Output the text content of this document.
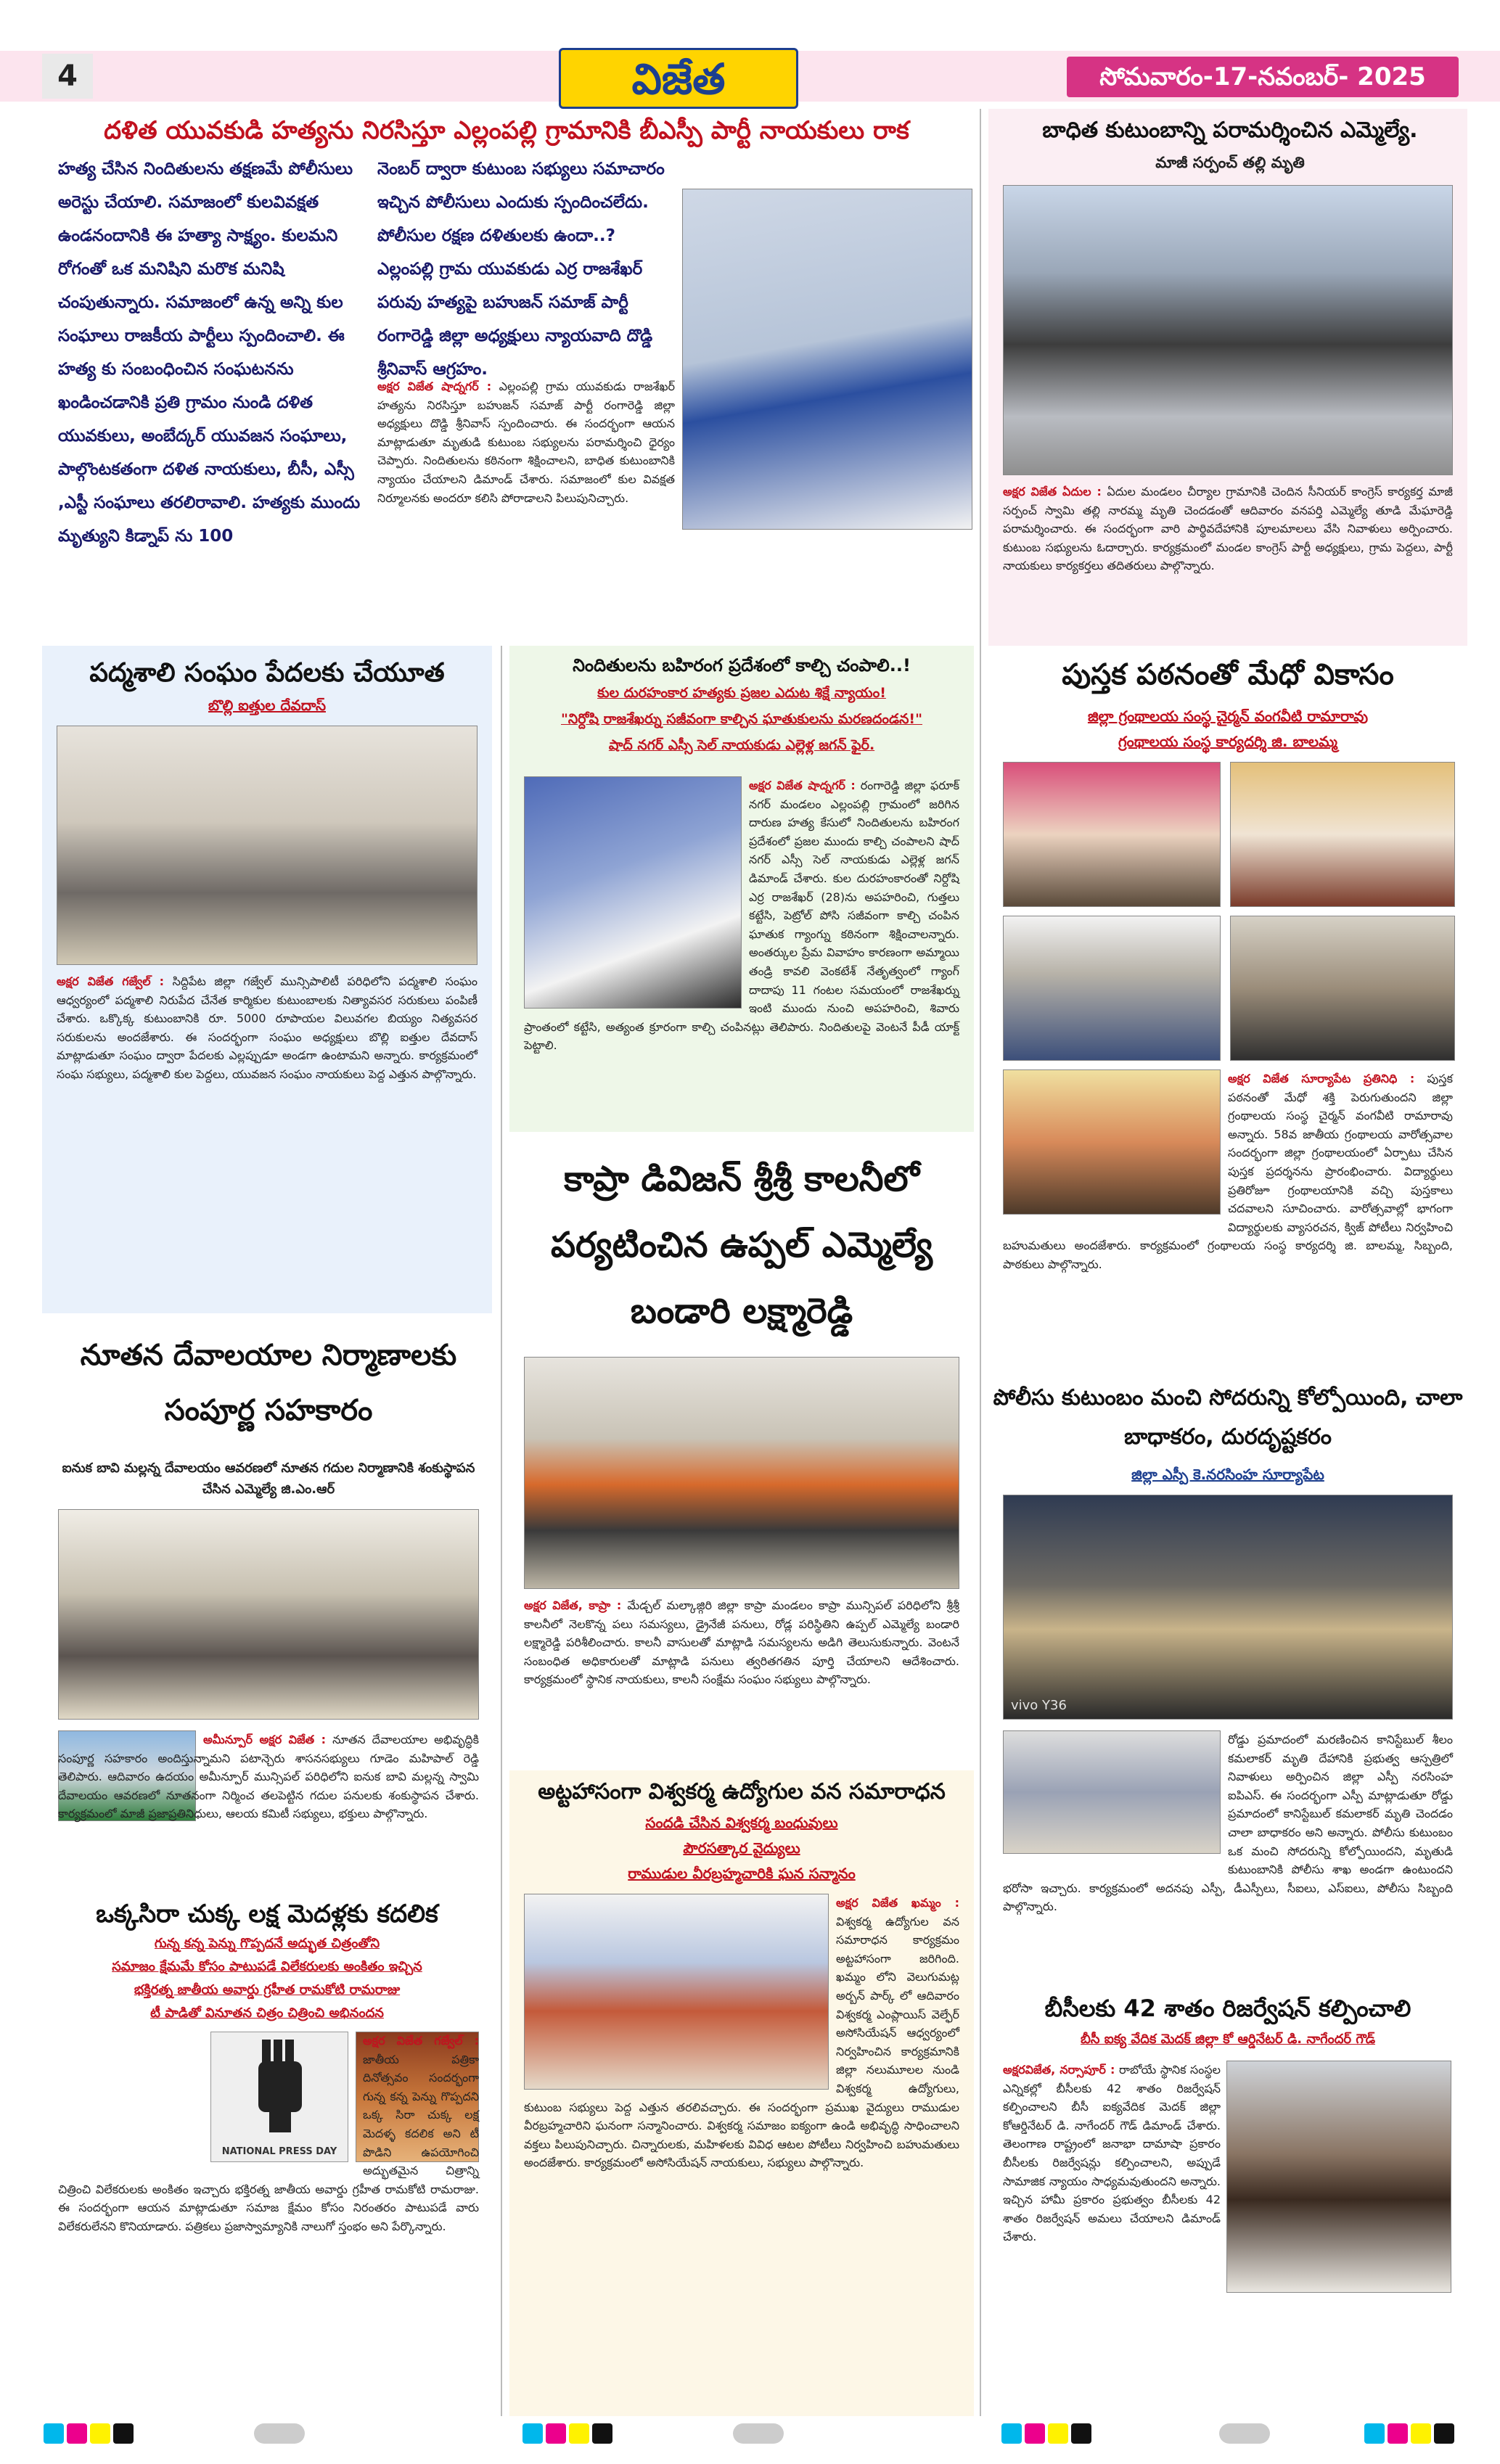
4	విజేత	సోమవారం-17-నవంబర్- 2025
దళిత యువకుడి హత్యను నిరసిస్తూ ఎల్లంపల్లి గ్రామానికి బీఎస్పీ పార్టీ నాయకులు రాక
హత్య చేసిన నిందితులను తక్షణమే పోలీసులు అరెస్టు చేయాలి. సమాజంలో కులవివక్షత ఉండనందానికి ఈ హత్యా సాక్ష్యం. కులమని రోగంతో ఒక మనిషిని మరొక మనిషి చంపుతున్నారు. సమాజంలో ఉన్న అన్ని కుల సంఘాలు రాజకీయ పార్టీలు స్పందించాలి. ఈ హత్య కు సంబంధించిన సంఘటనను ఖండించడానికి ప్రతి గ్రామం నుండి దళిత యువకులు, అంబేద్కర్ యువజన సంఘాలు, పాల్గొంటకతంగా దళిత నాయకులు, బీసీ, ఎస్సీ ,ఎస్టీ సంఘాలు తరలిరావాలి. హత్యకు ముందు మృత్యుని కిడ్నాప్ ను 100
నెంబర్ ద్వారా కుటుంబ సభ్యులు సమాచారం ఇచ్చిన పోలీసులు ఎందుకు స్పందించలేదు. పోలీసుల రక్షణ దళితులకు ఉందా..? ఎల్లంపల్లి గ్రామ యువకుడు ఎర్ర రాజశేఖర్ పరువు హత్యపై బహుజన్ సమాజ్ పార్టీ రంగారెడ్డి జిల్లా అధ్యక్షులు న్యాయవాది దొడ్డి శ్రీనివాస్ ఆగ్రహం.
అక్షర విజేత షాద్నగర్ : ఎల్లంపల్లి గ్రామ యువకుడు రాజశేఖర్ హత్యను నిరసిస్తూ బహుజన్ సమాజ్ పార్టీ రంగారెడ్డి జిల్లా అధ్యక్షులు దొడ్డి శ్రీనివాస్ స్పందించారు. ఈ సందర్భంగా ఆయన మాట్లాడుతూ మృతుడి కుటుంబ సభ్యులను పరామర్శించి ధైర్యం చెప్పారు. నిందితులను కఠినంగా శిక్షించాలని, బాధిత కుటుంబానికి న్యాయం చేయాలని డిమాండ్ చేశారు. సమాజంలో కుల వివక్షత నిర్మూలనకు అందరూ కలిసి పోరాడాలని పిలుపునిచ్చారు.
బాధిత కుటుంబాన్ని పరామర్శించిన ఎమ్మెల్యే.
మాజీ సర్పంచ్ తల్లి మృతి
అక్షర విజేత ఏదుల : ఏదుల మండలం చీర్యాల గ్రామానికి చెందిన సీనియర్ కాంగ్రెస్ కార్యకర్త మాజీ సర్పంచ్ స్వామి తల్లి నారమ్మ మృతి చెందడంతో ఆదివారం వనపర్తి ఎమ్మెల్యే తూడి మేఘారెడ్డి పరామర్శించారు. ఈ సందర్భంగా వారి పార్థివదేహానికి పూలమాలలు వేసి నివాళులు అర్పించారు. కుటుంబ సభ్యులను ఓదార్చారు. కార్యక్రమంలో మండల కాంగ్రెస్ పార్టీ అధ్యక్షులు, గ్రామ పెద్దలు, పార్టీ నాయకులు కార్యకర్తలు తదితరులు పాల్గొన్నారు.
పద్మశాలి సంఘం పేదలకు చేయూత
బొల్లి ఐత్తుల దేవదాస్
అక్షర విజేత గజ్వేల్ : సిద్దిపేట జిల్లా గజ్వేల్ మున్సిపాలిటీ పరిధిలోని పద్మశాలి సంఘం ఆధ్వర్యంలో పద్మశాలి నిరుపేద చేనేత కార్మికుల కుటుంబాలకు నిత్యావసర సరుకులు పంపిణీ చేశారు. ఒక్కొక్క కుటుంబానికి రూ. 5000 రూపాయల విలువగల బియ్యం నిత్యవసర సరుకులను అందజేశారు. ఈ సందర్భంగా సంఘం అధ్యక్షులు బొల్లి ఐత్తుల దేవదాస్ మాట్లాడుతూ సంఘం ద్వారా పేదలకు ఎల్లప్పుడూ అండగా ఉంటామని అన్నారు. కార్యక్రమంలో సంఘ సభ్యులు, పద్మశాలి కుల పెద్దలు, యువజన సంఘం నాయకులు పెద్ద ఎత్తున పాల్గొన్నారు.
నూతన దేవాలయాల నిర్మాణాలకు సంపూర్ణ సహకారం
ఐనుక బావి మల్లన్న దేవాలయం ఆవరణలో నూతన గదుల నిర్మాణానికి శంకుస్థాపన చేసిన ఎమ్మెల్యే జి.ఎం.ఆర్
అమీన్పూర్ అక్షర విజేత : నూతన దేవాలయాల అభివృద్ధికి సంపూర్ణ సహకారం అందిస్తున్నామని పటాన్చెరు శాసనసభ్యులు గూడెం మహిపాల్ రెడ్డి తెలిపారు. ఆదివారం ఉదయం అమీన్పూర్ మున్సిపల్ పరిధిలోని ఐనుక బావి మల్లన్న స్వామి దేవాలయం ఆవరణలో నూతనంగా నిర్మించ తలపెట్టిన గదుల పనులకు శంకుస్థాపన చేశారు. కార్యక్రమంలో మాజీ ప్రజాప్రతినిధులు, ఆలయ కమిటీ సభ్యులు, భక్తులు పాల్గొన్నారు.
ఒక్కసిరా చుక్క లక్ష మెదళ్లకు కదలిక
గున్న కన్న పెన్ను గొప్పదనే అద్భుత చిత్రంతోని
సమాజం క్షేమమే కోసం పాటుపడే విలేకరులకు అంకితం ఇచ్చిన
భక్తిరత్న జాతీయ అవార్డు గ్రహీత రామకోటి రామరాజు
టీ పాడితో వినూతన చిత్రం చిత్రించి అభినందన
NATIONAL PRESS DAY
అక్షర విజేత గజ్వేల్ : జాతీయ పత్రికా దినోత్సవం సందర్భంగా గున్న కన్న పెన్ను గొప్పదని ఒక్క సిరా చుక్క లక్ష మెదళ్ళ కదలిక అని టీ పొడిని ఉపయోగించి అద్భుతమైన చిత్రాన్ని చిత్రించి విలేకరులకు అంకితం ఇచ్చారు భక్తిరత్న జాతీయ అవార్డు గ్రహీత రామకోటి రామరాజు. ఈ సందర్భంగా ఆయన మాట్లాడుతూ సమాజ క్షేమం కోసం నిరంతరం పాటుపడే వారు విలేకరులేనని కొనియాడారు. పత్రికలు ప్రజాస్వామ్యానికి నాలుగో స్తంభం అని పేర్కొన్నారు.
నిందితులను బహిరంగ ప్రదేశంలో కాల్చి చంపాలి..!
కుల దురహంకార హత్యకు ప్రజల ఎదుట శిక్షే న్యాయం!
"నిర్దోషి రాజశేఖర్ను సజీవంగా కాల్చిన ఘాతుకులను మరణదండన!"
షాద్ నగర్ ఎస్సీ సెల్ నాయకుడు ఎల్లెళ్ల జగన్ ఫైర్.
అక్షర విజేత షాద్నగర్ : రంగారెడ్డి జిల్లా ఫరూక్ నగర్ మండలం ఎల్లంపల్లి గ్రామంలో జరిగిన దారుణ హత్య కేసులో నిందితులను బహిరంగ ప్రదేశంలో ప్రజల ముందు కాల్చి చంపాలని షాద్ నగర్ ఎస్సీ సెల్ నాయకుడు ఎల్లెళ్ల జగన్ డిమాండ్ చేశారు. కుల దురహంకారంతో నిర్దోషి ఎర్ర రాజశేఖర్ (28)ను అపహరించి, గుత్తలు కట్టేసి, పెట్రోల్ పోసి సజీవంగా కాల్చి చంపిన ఘాతుక గ్యాంగ్ను కఠినంగా శిక్షించాలన్నారు. అంతర్కుల ప్రేమ వివాహం కారణంగా అమ్మాయి తండ్రి కావలి వెంకటేశ్ నేతృత్వంలో గ్యాంగ్ దాదాపు 11 గంటల సమయంలో రాజశేఖర్ను ఇంటి ముందు నుంచి అపహరించి, శివారు ప్రాంతంలో కట్టేసి, అత్యంత క్రూరంగా కాల్చి చంపినట్లు తెలిపారు. నిందితులపై వెంటనే పీడీ యాక్ట్ పెట్టాలి.
కాప్రా డివిజన్ శ్రీశ్రీ కాలనీలో పర్యటించిన ఉప్పల్ ఎమ్మెల్యే బండారి లక్ష్మారెడ్డి
అక్షర విజేత, కాప్రా : మేడ్చల్ మల్కాజ్గిరి జిల్లా కాప్రా మండలం కాప్రా మున్సిపల్ పరిధిలోని శ్రీశ్రీ కాలనీలో నెలకొన్న పలు సమస్యలు, డ్రైనేజీ పనులు, రోడ్ల పరిస్థితిని ఉప్పల్ ఎమ్మెల్యే బండారి లక్ష్మారెడ్డి పరిశీలించారు. కాలనీ వాసులతో మాట్లాడి సమస్యలను అడిగి తెలుసుకున్నారు. వెంటనే సంబంధిత అధికారులతో మాట్లాడి పనులు త్వరితగతిన పూర్తి చేయాలని ఆదేశించారు. కార్యక్రమంలో స్థానిక నాయకులు, కాలనీ సంక్షేమ సంఘం సభ్యులు పాల్గొన్నారు.
అట్టహాసంగా విశ్వకర్మ ఉద్యోగుల వన సమారాధన
సందడి చేసిన విశ్వకర్మ బంధువులు
పౌరసత్కార వైద్యులు
రాముడుల వీరబ్రహ్మచారికి ఘన సన్మానం
అక్షర విజేత ఖమ్మం : విశ్వకర్మ ఉద్యోగుల వన సమారాధన కార్యక్రమం అట్టహాసంగా జరిగింది. ఖమ్మం లోని వెలుగుమట్ల అర్బన్ పార్క్ లో ఆదివారం విశ్వకర్మ ఎంప్లాయిస్ వెల్ఫేర్ అసోసియేషన్ ఆధ్వర్యంలో నిర్వహించిన కార్యక్రమానికి జిల్లా నలుమూలల నుండి విశ్వకర్మ ఉద్యోగులు, కుటుంబ సభ్యులు పెద్ద ఎత్తున తరలివచ్చారు. ఈ సందర్భంగా ప్రముఖ వైద్యులు రాముడుల వీరబ్రహ్మచారిని ఘనంగా సన్మానించారు. విశ్వకర్మ సమాజం ఐక్యంగా ఉండి అభివృద్ధి సాధించాలని వక్తలు పిలుపునిచ్చారు. చిన్నారులకు, మహిళలకు వివిధ ఆటల పోటీలు నిర్వహించి బహుమతులు అందజేశారు. కార్యక్రమంలో అసోసియేషన్ నాయకులు, సభ్యులు పాల్గొన్నారు.
పుస్తక పఠనంతో మేధో వికాసం
జిల్లా గ్రంథాలయ సంస్థ చైర్మన్ వంగవీటి రామారావు
గ్రంథాలయ సంస్థ కార్యదర్శి జి. బాలమ్మ
అక్షర విజేత సూర్యాపేట ప్రతినిధి : పుస్తక పఠనంతో మేధో శక్తి పెరుగుతుందని జిల్లా గ్రంథాలయ సంస్థ చైర్మన్ వంగవీటి రామారావు అన్నారు. 58వ జాతీయ గ్రంథాలయ వారోత్సవాల సందర్భంగా జిల్లా గ్రంథాలయంలో ఏర్పాటు చేసిన పుస్తక ప్రదర్శనను ప్రారంభించారు. విద్యార్థులు ప్రతిరోజూ గ్రంథాలయానికి వచ్చి పుస్తకాలు చదవాలని సూచించారు. వారోత్సవాల్లో భాగంగా విద్యార్థులకు వ్యాసరచన, క్విజ్ పోటీలు నిర్వహించి బహుమతులు అందజేశారు. కార్యక్రమంలో గ్రంథాలయ సంస్థ కార్యదర్శి జి. బాలమ్మ, సిబ్బంది, పాఠకులు పాల్గొన్నారు.
పోలీసు కుటుంబం మంచి సోదరున్ని కోల్పోయింది, చాలా బాధాకరం, దురదృష్టకరం
జిల్లా ఎస్పీ కె.నరసింహ సూర్యాపేట
vivo Y36
రోడ్డు ప్రమాదంలో మరణించిన కానిస్టేబుల్ శీలం కమలాకర్ మృతి దేహానికి ప్రభుత్వ ఆస్పత్రిలో నివాళులు అర్పించిన జిల్లా ఎస్పీ నరసింహ ఐపిఎస్. ఈ సందర్భంగా ఎస్పీ మాట్లాడుతూ రోడ్డు ప్రమాదంలో కానిస్టేబుల్ కమలాకర్ మృతి చెందడం చాలా బాధాకరం అని అన్నారు. పోలీసు కుటుంబం ఒక మంచి సోదరున్ని కోల్పోయిందని, మృతుడి కుటుంబానికి పోలీసు శాఖ అండగా ఉంటుందని భరోసా ఇచ్చారు. కార్యక్రమంలో అదనపు ఎస్పీ, డీఎస్పీలు, సీఐలు, ఎస్ఐలు, పోలీసు సిబ్బంది పాల్గొన్నారు.
బీసీలకు 42 శాతం రిజర్వేషన్ కల్పించాలి
బీసీ ఐక్య వేదిక మెదక్ జిల్లా కో ఆర్డినేటర్ డి. నాగేందర్ గౌడ్
అక్షరవిజేత, నర్సాపూర్ : రాబోయే స్థానిక సంస్థల ఎన్నికల్లో బీసీలకు 42 శాతం రిజర్వేషన్ కల్పించాలని బీసీ ఐక్యవేదిక మెదక్ జిల్లా కోఆర్డినేటర్ డి. నాగేందర్ గౌడ్ డిమాండ్ చేశారు. తెలంగాణ రాష్ట్రంలో జనాభా దామాషా ప్రకారం బీసీలకు రిజర్వేషన్లు కల్పించాలని, అప్పుడే సామాజిక న్యాయం సాధ్యమవుతుందని అన్నారు. ఇచ్చిన హామీ ప్రకారం ప్రభుత్వం బీసీలకు 42 శాతం రిజర్వేషన్ అమలు చేయాలని డిమాండ్ చేశారు.
